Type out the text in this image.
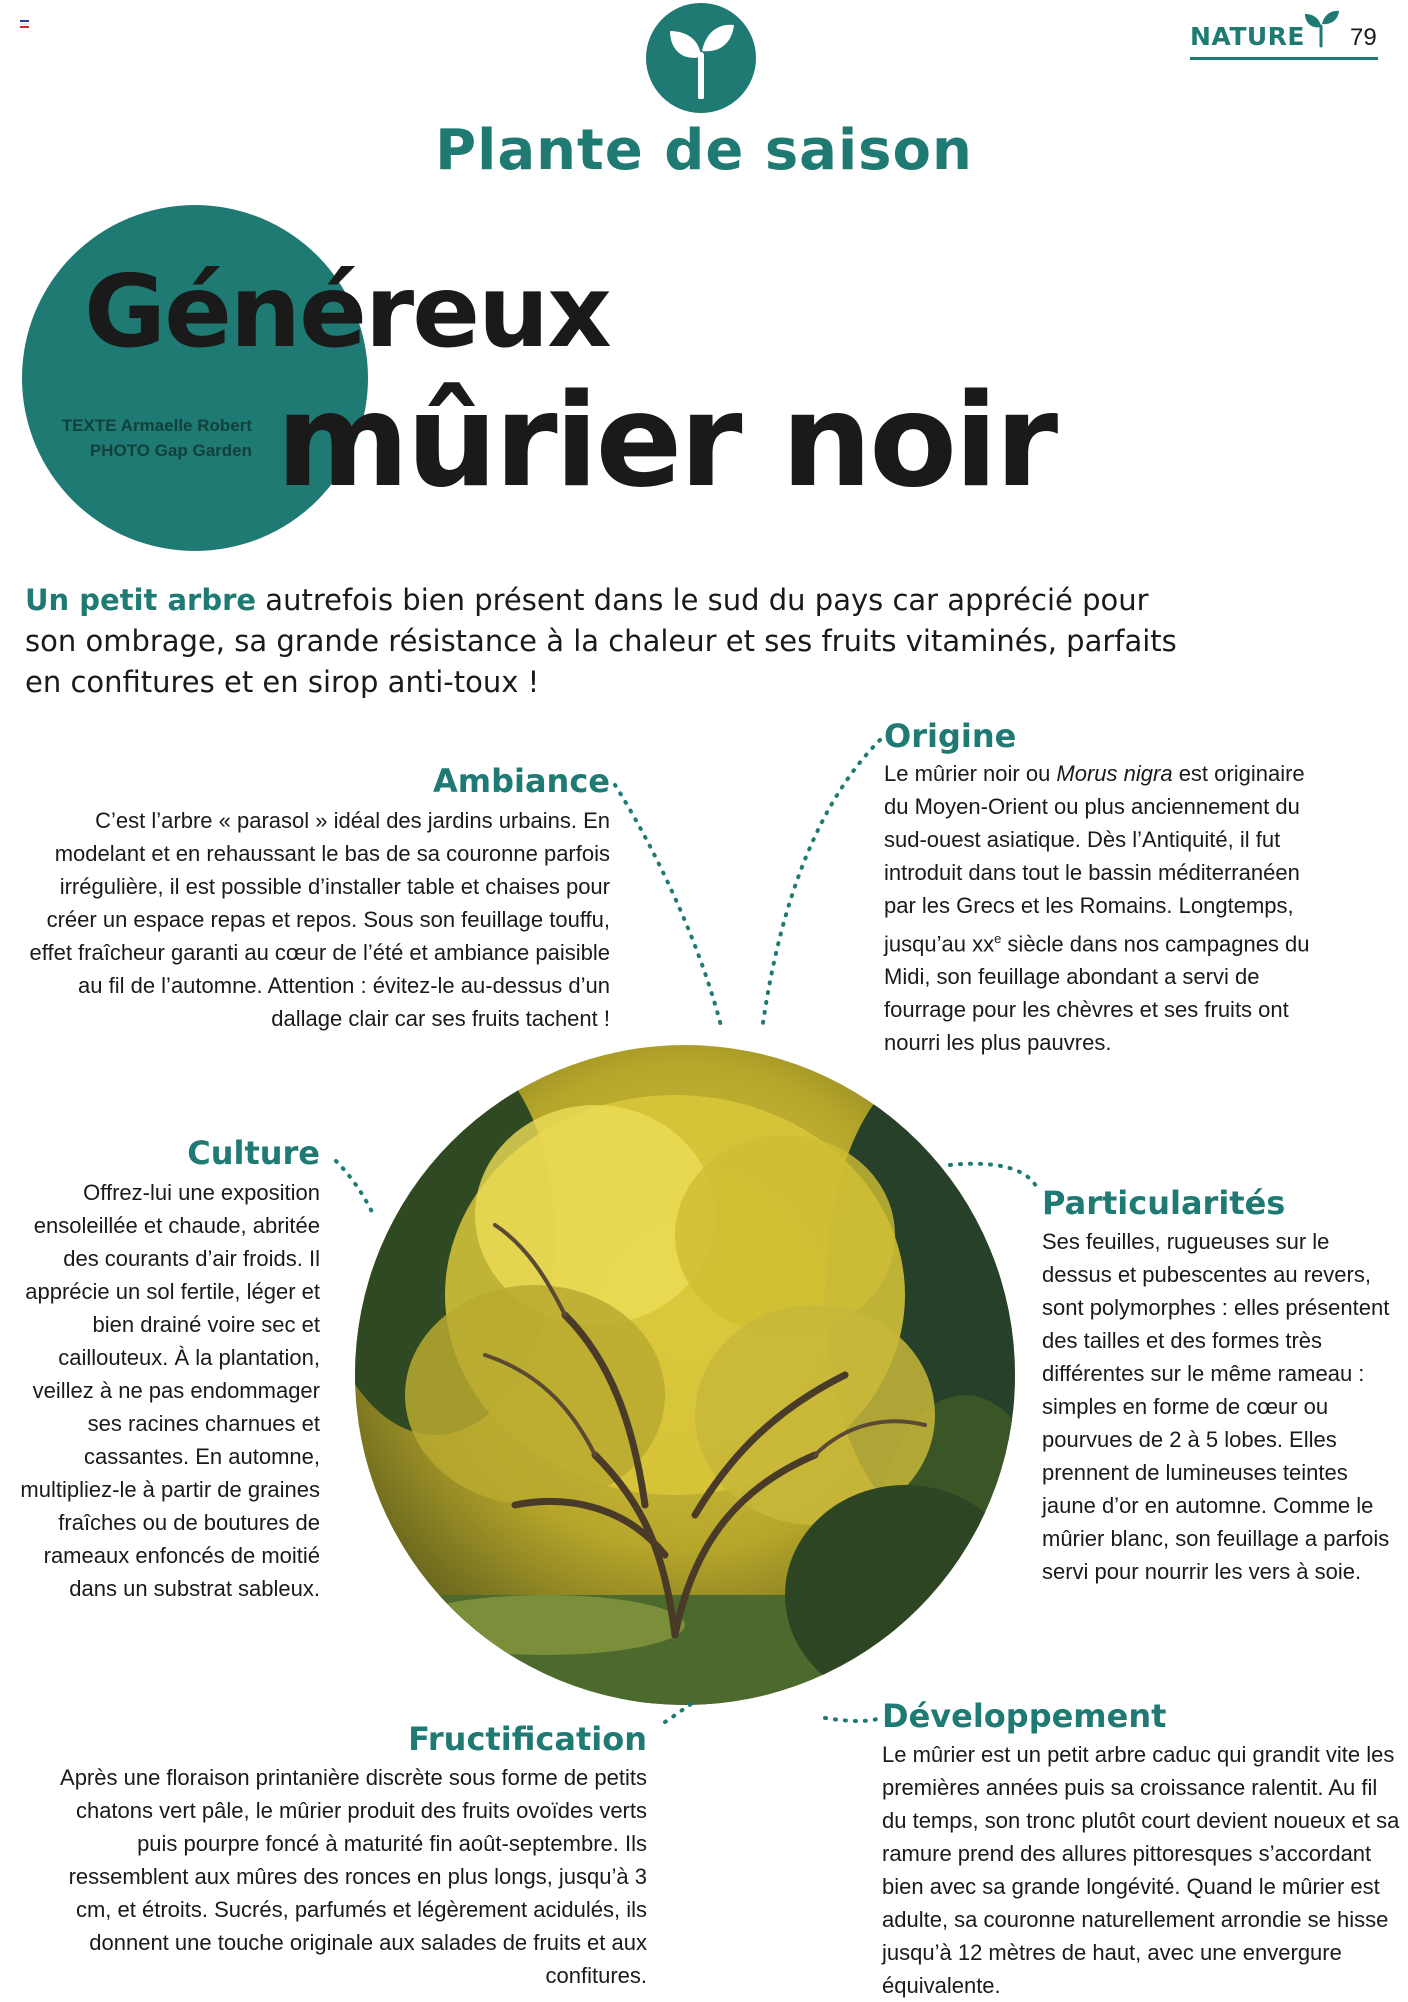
NATURE 79
Plante de saison
Généreux
mûrier noir
TEXTE Armaelle Robert
PHOTO Gap Garden
Un petit arbre autrefois bien présent dans le sud du pays car apprécié pour son ombrage, sa grande résistance à la chaleur et ses fruits vitaminés, parfaits en confitures et en sirop anti-toux !
Ambiance
C’est l’arbre « parasol » idéal des jardins urbains. En modelant et en rehaussant le bas de sa couronne parfois irrégulière, il est possible d’installer table et chaises pour créer un espace repas et repos. Sous son feuillage touffu, effet fraîcheur garanti au cœur de l’été et ambiance paisible au fil de l’automne. Attention : évitez-le au-dessus d’un dallage clair car ses fruits tachent !
Origine
Le mûrier noir ou Morus nigra est originaire du Moyen-Orient ou plus anciennement du sud-ouest asiatique. Dès l’Antiquité, il fut introduit dans tout le bassin méditerranéen par les Grecs et les Romains. Longtemps, jusqu’au $xx^e$ siècle dans nos campagnes du Midi, son feuillage abondant a servi de fourrage pour les chèvres et ses fruits ont nourri les plus pauvres.
Culture
Offrez-lui une exposition ensoleillée et chaude, abritée des courants d’air froids. Il apprécie un sol fertile, léger et bien drainé voire sec et caillouteux. À la plantation, veillez à ne pas endommager ses racines charnues et cassantes. En automne, multipliez-le à partir de graines fraîches ou de boutures de rameaux enfoncés de moitié dans un substrat sableux.
Particularités
Ses feuilles, rugueuses sur le dessus et pubescentes au revers, sont polymorphes : elles présentent des tailles et des formes très différentes sur le même rameau : simples en forme de cœur ou pourvues de 2 à 5 lobes. Elles prennent de lumineuses teintes jaune d’or en automne. Comme le mûrier blanc, son feuillage a parfois servi pour nourrir les vers à soie.
Fructification
Après une floraison printanière discrète sous forme de petits chatons vert pâle, le mûrier produit des fruits ovoïdes verts puis pourpre foncé à maturité fin août-septembre. Ils ressemblent aux mûres des ronces en plus longs, jusqu’à 3 cm, et étroits. Sucrés, parfumés et légèrement acidulés, ils donnent une touche originale aux salades de fruits et aux confitures.
Développement
Le mûrier est un petit arbre caduc qui grandit vite les premières années puis sa croissance ralentit. Au fil du temps, son tronc plutôt court devient noueux et sa ramure prend des allures pittoresques s’accordant bien avec sa grande longévité. Quand le mûrier est adulte, sa couronne naturellement arrondie se hisse jusqu’à 12 mètres de haut, avec une envergure équivalente.
